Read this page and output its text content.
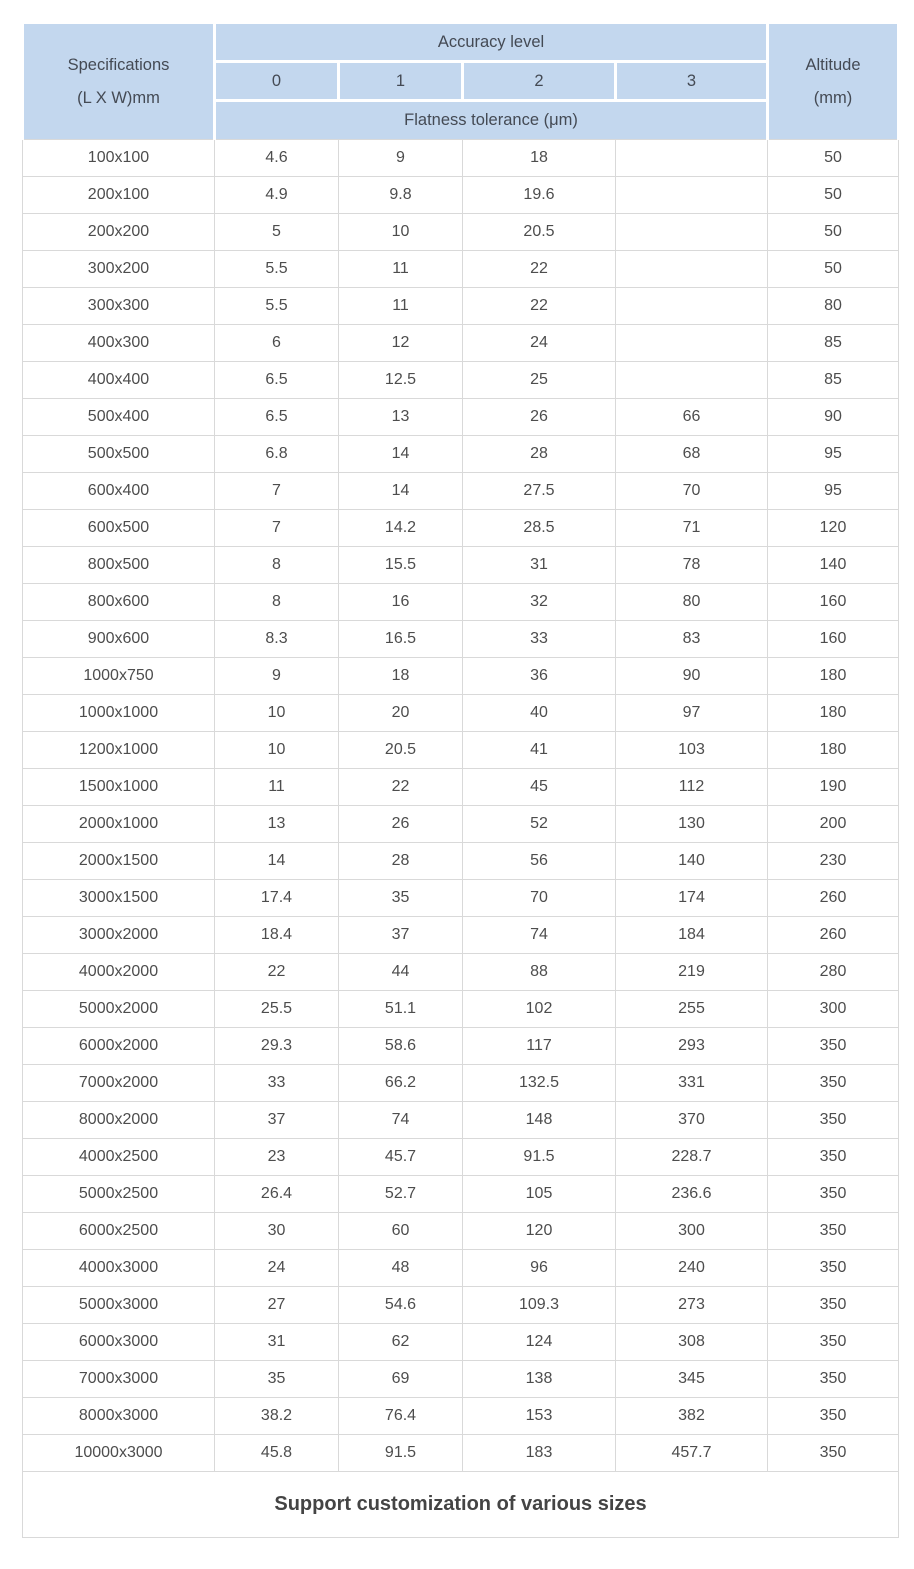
Specifications
(L X W)mm
	Accuracy level	
Altitude
(mm)

	0	1	2	3	
	Flatness tolerance (μm)				
100x100	4.6	9	18		50
200x100	4.9	9.8	19.6		50
200x200	5	10	20.5		50
300x200	5.5	11	22		50
300x300	5.5	11	22		80
400x300	6	12	24		85
400x400	6.5	12.5	25		85
500x400	6.5	13	26	66	90
500x500	6.8	14	28	68	95
600x400	7	14	27.5	70	95
600x500	7	14.2	28.5	71	120
800x500	8	15.5	31	78	140
800x600	8	16	32	80	160
900x600	8.3	16.5	33	83	160
1000x750	9	18	36	90	180
1000x1000	10	20	40	97	180
1200x1000	10	20.5	41	103	180
1500x1000	11	22	45	112	190
2000x1000	13	26	52	130	200
2000x1500	14	28	56	140	230
3000x1500	17.4	35	70	174	260
3000x2000	18.4	37	74	184	260
4000x2000	22	44	88	219	280
5000x2000	25.5	51.1	102	255	300
6000x2000	29.3	58.6	117	293	350
7000x2000	33	66.2	132.5	331	350
8000x2000	37	74	148	370	350
4000x2500	23	45.7	91.5	228.7	350
5000x2500	26.4	52.7	105	236.6	350
6000x2500	30	60	120	300	350
4000x3000	24	48	96	240	350
5000x3000	27	54.6	109.3	273	350
6000x3000	31	62	124	308	350
7000x3000	35	69	138	345	350
8000x3000	38.2	76.4	153	382	350
10000x3000	45.8	91.5	183	457.7	350
Support customization of various sizes					
